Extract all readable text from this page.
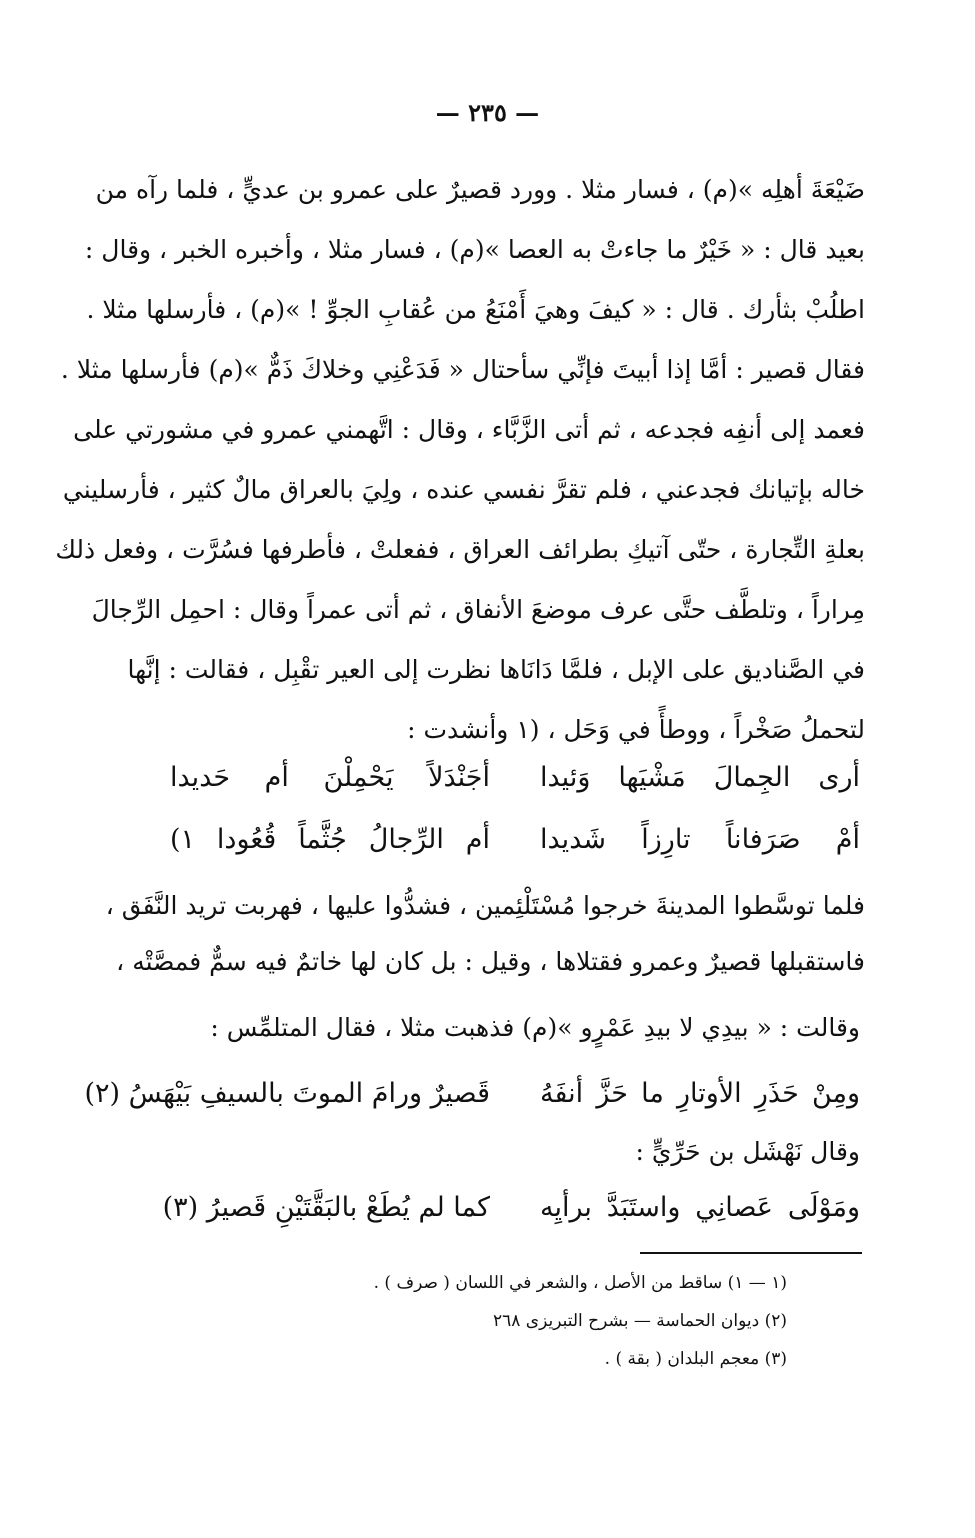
— ٢٣٥ —
ضَيْعَةَ أهلِه »(م) ، فسار مثلا . وورد قصيرٌ على عمرو بن عديٍّ ، فلما رآه من
بعيد قال : « خَيْرٌ ما جاءتْ به العصا »(م) ، فسار مثلا ، وأخبره الخبر ، وقال :
اطلُبْ بثأرك . قال : « كيفَ وهيَ أَمْنَعُ من عُقابِ الجوِّ ! »(م) ، فأرسلها مثلا .
فقال قصير : أمَّا إذا أبيتَ فإنِّي سأحتال « فَدَعْنِي وخلاكَ ذَمٌّ »(م) فأرسلها مثلا .
فعمد إلى أنفِه فجدعه ، ثم أتى الزَّبَّاء ، وقال : اتَّهمني عمرو في مشورتي على
خاله بإتيانك فجدعني ، فلم تقرَّ نفسي عنده ، ولِيَ بالعراق مالٌ كثير ، فأرسليني
بعلةِ التِّجارة ، حتّى آتيكِ بطرائف العراق ، ففعلتْ ، فأطرفها فسُرَّت ، وفعل ذلك
مِراراً ، وتلطَّف حتَّى عرف موضعَ الأنفاق ، ثم أتى عمراً وقال : احمِل الرِّجالَ
في الصَّناديق على الإبل ، فلمَّا دَانَاها نظرت إلى العير تقْبِل ، فقالت : إنَّها
لتحملُ صَخْراً ، ووطأً في وَحَل ، (١ وأنشدت :
أرى الجِمالَ مَشْيَها وَئيدا
أجَنْدَلاً يَحْمِلْنَ أم حَديدا
أمْ صَرَفاناً تارِزاً شَديدا
أم الرِّجالُ جُثَّماً قُعُودا ١)
فلما توسَّطوا المدينةَ خرجوا مُسْتَلْئِمين ، فشدُّوا عليها ، فهربت تريد النَّفَق ،
فاستقبلها قصيرٌ وعمرو فقتلاها ، وقيل : بل كان لها خاتمٌ فيه سمٌّ فمصَّتْه ،
وقالت : « بيدِي لا بيدِ عَمْرٍو »(م) فذهبت مثلا ، فقال المتلمِّس :
ومِنْ حَذَرِ الأوتارِ ما حَزَّ أنفَهُ
قَصيرٌ ورامَ الموتَ بالسيفِ بَيْهَسُ (٢)
وقال نَهْشَل بن حَرِّيٍّ :
ومَوْلَى عَصانِي واستَبَدَّ برأيِه
كما لم يُطَعْ بالبَقَّتَيْنِ قَصيرُ (٣)
(١ — ١) ساقط من الأصل ، والشعر في اللسان ( صرف ) .
(٢) ديوان الحماسة — بشرح التبريزى ٢٦٨
(٣) معجم البلدان ( بقة ) .
